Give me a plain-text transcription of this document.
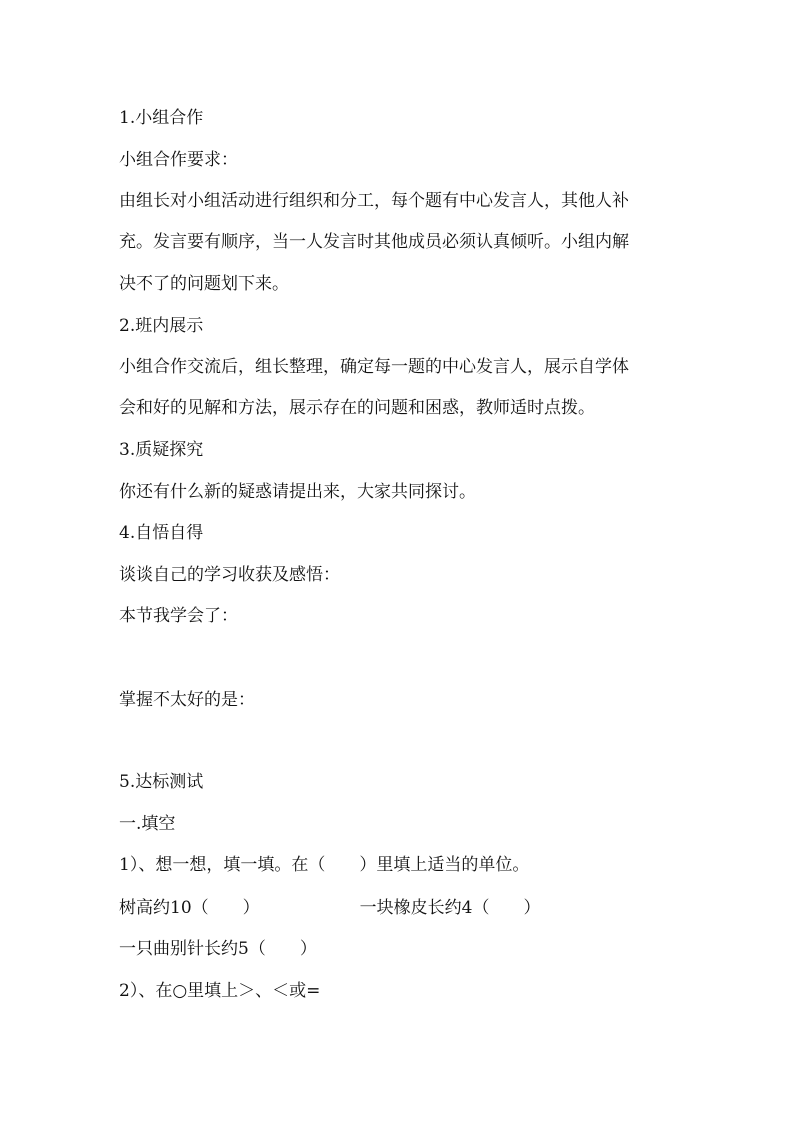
1.小组合作

小组合作要求：

由组长对小组活动进行组织和分工，每个题有中心发言人，其他人补

充。发言要有顺序，当一人发言时其他成员必须认真倾听。小组内解

决不了的问题划下来。

2.班内展示

小组合作交流后，组长整理，确定每一题的中心发言人，展示自学体

会和好的见解和方法，展示存在的问题和困惑，教师适时点拨。

3.质疑探究

你还有什么新的疑惑请提出来，大家共同探讨。

4.自悟自得

谈谈自己的学习收获及感悟：

本节我学会了：

掌握不太好的是：

5.达标测试

一.填空

1）、想一想，填一填。在（　　）里填上适当的单位。

树高约10（　　）	一块橡皮长约4（　　）

一只曲别针长约5（　　）

2）、在○里填上＞、＜或=
